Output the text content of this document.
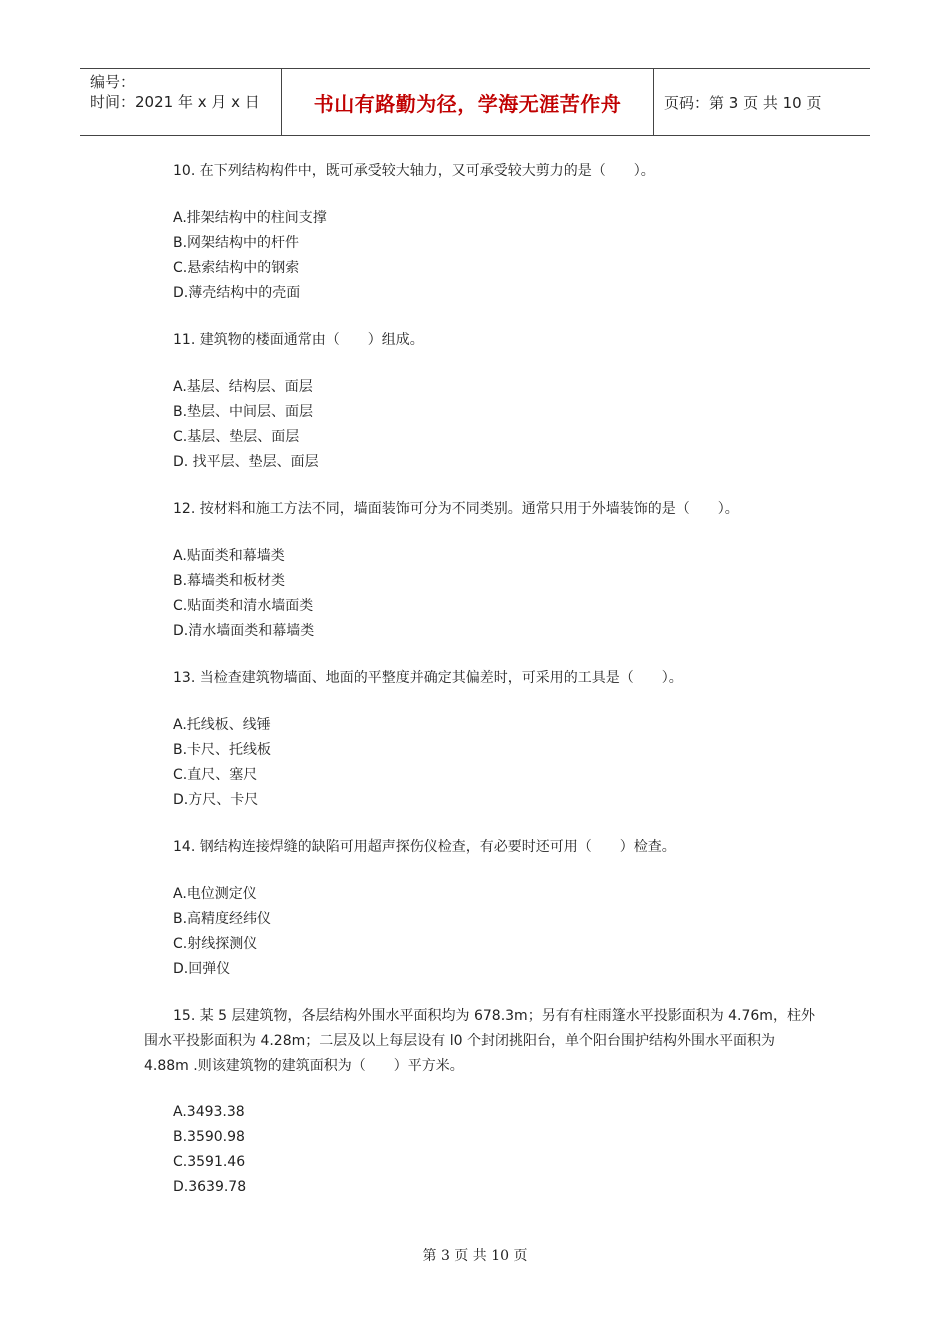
编号：
时间：2021 年 x 月 x 日	书山有路勤为径，学海无涯苦作舟	页码：第 3 页 共 10 页
10. 在下列结构构件中，既可承受较大轴力，又可承受较大剪力的是（　　）。
A.排架结构中的柱间支撑
B.网架结构中的杆件
C.悬索结构中的钢索
D.薄壳结构中的壳面
11. 建筑物的楼面通常由（　　）组成。
A.基层、结构层、面层
B.垫层、中间层、面层
C.基层、垫层、面层
D. 找平层、垫层、面层
12. 按材料和施工方法不同，墙面装饰可分为不同类别。通常只用于外墙装饰的是（　　）。
A.贴面类和幕墙类
B.幕墙类和板材类
C.贴面类和清水墙面类
D.清水墙面类和幕墙类
13. 当检查建筑物墙面、地面的平整度并确定其偏差时，可采用的工具是（　　）。
A.托线板、线锤
B.卡尺、托线板
C.直尺、塞尺
D.方尺、卡尺
14. 钢结构连接焊缝的缺陷可用超声探伤仪检查，有必要时还可用（　　）检查。
A.电位测定仪
B.高精度经纬仪
C.射线探测仪
D.回弹仪
15. 某 5 层建筑物，各层结构外围水平面积均为 678.3m；另有有柱雨篷水平投影面积为 4.76m，柱外围水平投影面积为 4.28m；二层及以上每层设有 l0 个封闭挑阳台，单个阳台围护结构外围水平面积为 4.88m .则该建筑物的建筑面积为（　　）平方米。
A.3493.38
B.3590.98
C.3591.46
D.3639.78
第 3 页 共 10 页
